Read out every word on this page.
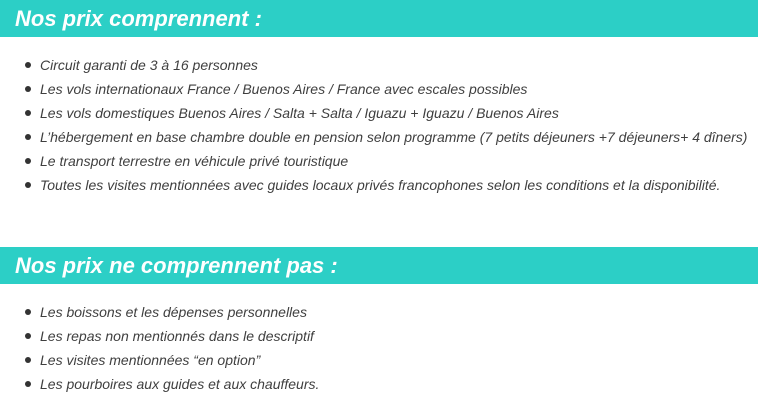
Nos prix comprennent :
Circuit garanti de 3 à 16 personnes
Les vols internationaux France / Buenos Aires / France avec escales possibles
Les vols domestiques Buenos Aires / Salta + Salta / Iguazu + Iguazu / Buenos Aires
L’hébergement en base chambre double en pension selon programme (7 petits déjeuners +7 déjeuners+ 4 dîners)
Le transport terrestre en véhicule privé touristique
Toutes les visites mentionnées avec guides locaux privés francophones selon les conditions et la disponibilité.
Nos prix ne comprennent pas :
Les boissons et les dépenses personnelles
Les repas non mentionnés dans le descriptif
Les visites mentionnées “en option”
Les pourboires aux guides et aux chauffeurs.
